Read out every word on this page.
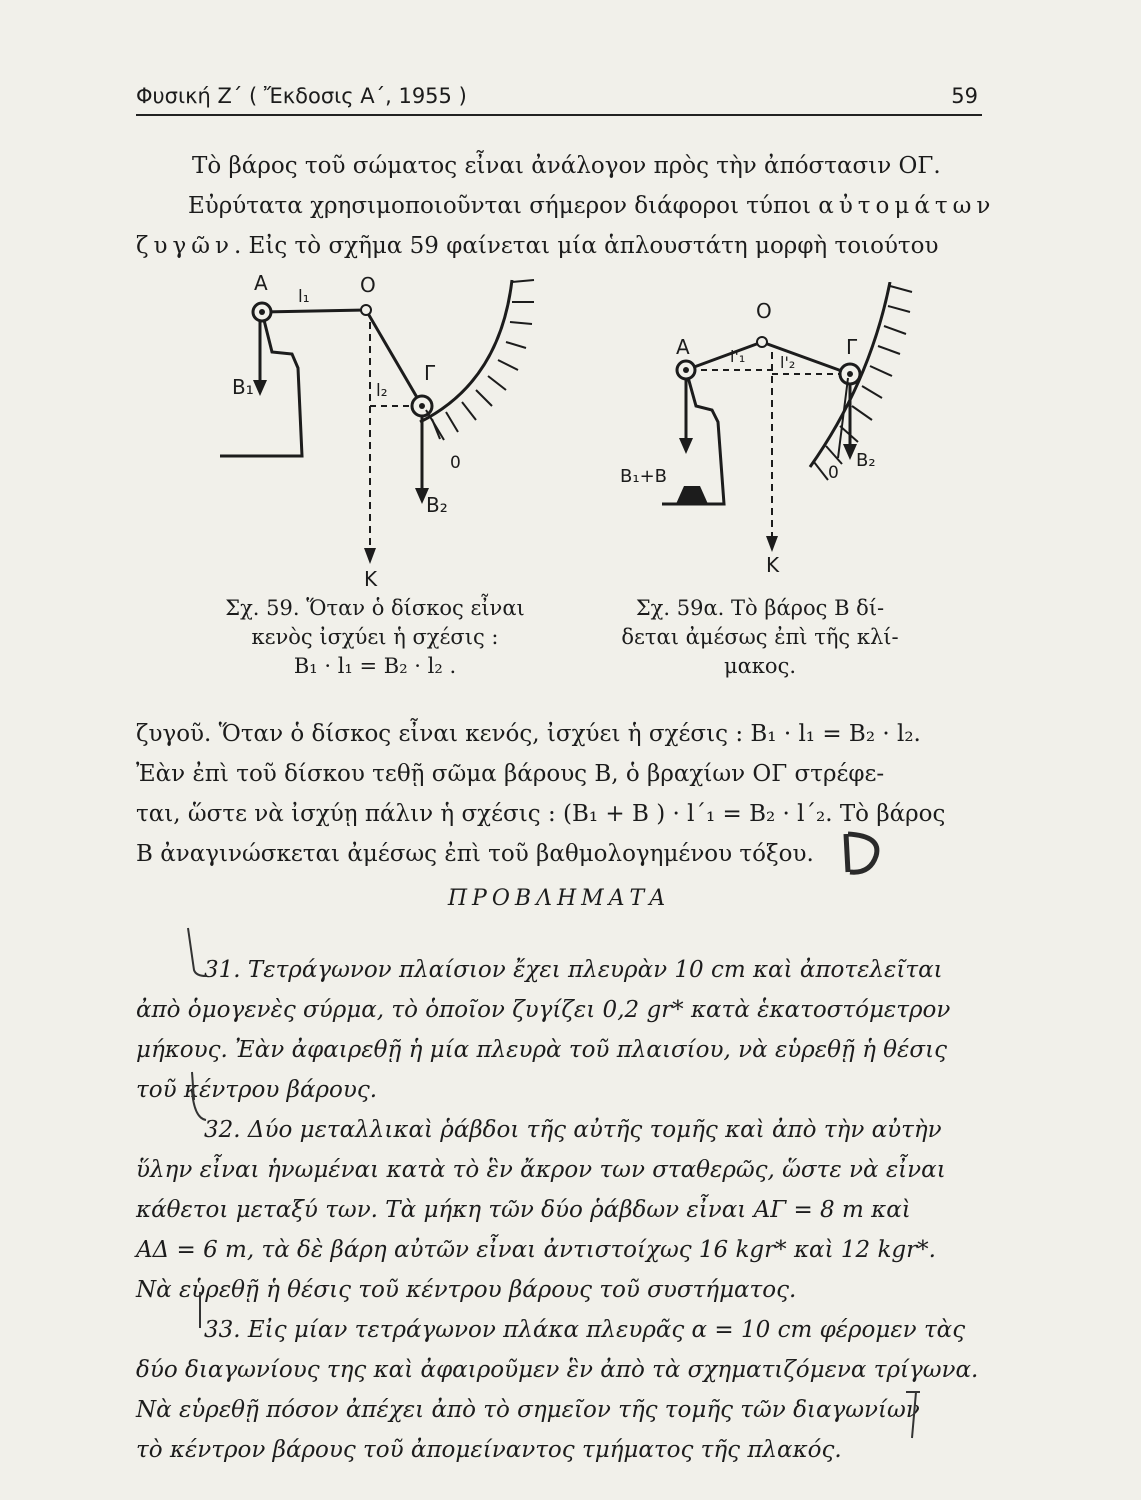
Φυσική Ζ΄ ( Ἔκδοσις Α΄, 1955 )	59
Τὸ βάρος τοῦ σώματος εἶναι ἀνάλογον πρὸς τὴν ἀπόστασιν ΟΓ.
Εὐρύτατα χρησιμοποιοῦνται σήμερον διάφοροι τύποι αὐτομάτων
ζυγῶν. Εἰς τὸ σχῆμα 59 φαίνεται μία ἁπλουστάτη μορφὴ τοιούτου
A	O
l₁
Γ
l₂
B₁
0
B₂
K
O
A	l'₁ l'₂
Γ
B₁+B	0
B₂
K
Σχ. 59. Ὅταν ὁ δίσκος εἶναι
κενὸς ἰσχύει ἡ σχέσις :
B₁ · l₁ = B₂ · l₂ .
Σχ. 59α. Τὸ βάρος B δί-
δεται ἀμέσως ἐπὶ τῆς κλί-
μακος.
ζυγοῦ. Ὅταν ὁ δίσκος εἶναι κενός, ἰσχύει ἡ σχέσις : B₁ · l₁ = B₂ · l₂.
Ἐὰν ἐπὶ τοῦ δίσκου τεθῇ σῶμα βάρους B, ὁ βραχίων ΟΓ στρέφε-
ται, ὥστε νὰ ἰσχύῃ πάλιν ἡ σχέσις : (B₁ + B ) · l΄₁ = B₂ · l΄₂. Τὸ βάρος
B ἀναγινώσκεται ἀμέσως ἐπὶ τοῦ βαθμολογημένου τόξου.
ΠΡΟΒΛΗΜΑΤΑ
31. Τετράγωνον πλαίσιον ἔχει πλευρὰν 10 cm καὶ ἀποτελεῖται
ἀπὸ ὁμογενὲς σύρμα, τὸ ὁποῖον ζυγίζει 0,2 gr* κατὰ ἑκατοστόμετρον
μήκους. Ἐὰν ἀφαιρεθῇ ἡ μία πλευρὰ τοῦ πλαισίου, νὰ εὑρεθῇ ἡ θέσις
τοῦ κέντρου βάρους.
32. Δύο μεταλλικαὶ ῥάβδοι τῆς αὐτῆς τομῆς καὶ ἀπὸ τὴν αὐτὴν
ὕλην εἶναι ἡνωμέναι κατὰ τὸ ἓν ἄκρον των σταθερῶς, ὥστε νὰ εἶναι
κάθετοι μεταξύ των. Τὰ μήκη τῶν δύο ῥάβδων εἶναι ΑΓ = 8 m καὶ
ΑΔ = 6 m, τὰ δὲ βάρη αὐτῶν εἶναι ἀντιστοίχως 16 kgr* καὶ 12 kgr*.
Νὰ εὑρεθῇ ἡ θέσις τοῦ κέντρου βάρους τοῦ συστήματος.
33. Εἰς μίαν τετράγωνον πλάκα πλευρᾶς α = 10 cm φέρομεν τὰς
δύο διαγωνίους της καὶ ἀφαιροῦμεν ἓν ἀπὸ τὰ σχηματιζόμενα τρίγωνα.
Νὰ εὑρεθῇ πόσον ἀπέχει ἀπὸ τὸ σημεῖον τῆς τομῆς τῶν διαγωνίων
τὸ κέντρον βάρους τοῦ ἀπομείναντος τμήματος τῆς πλακός.
